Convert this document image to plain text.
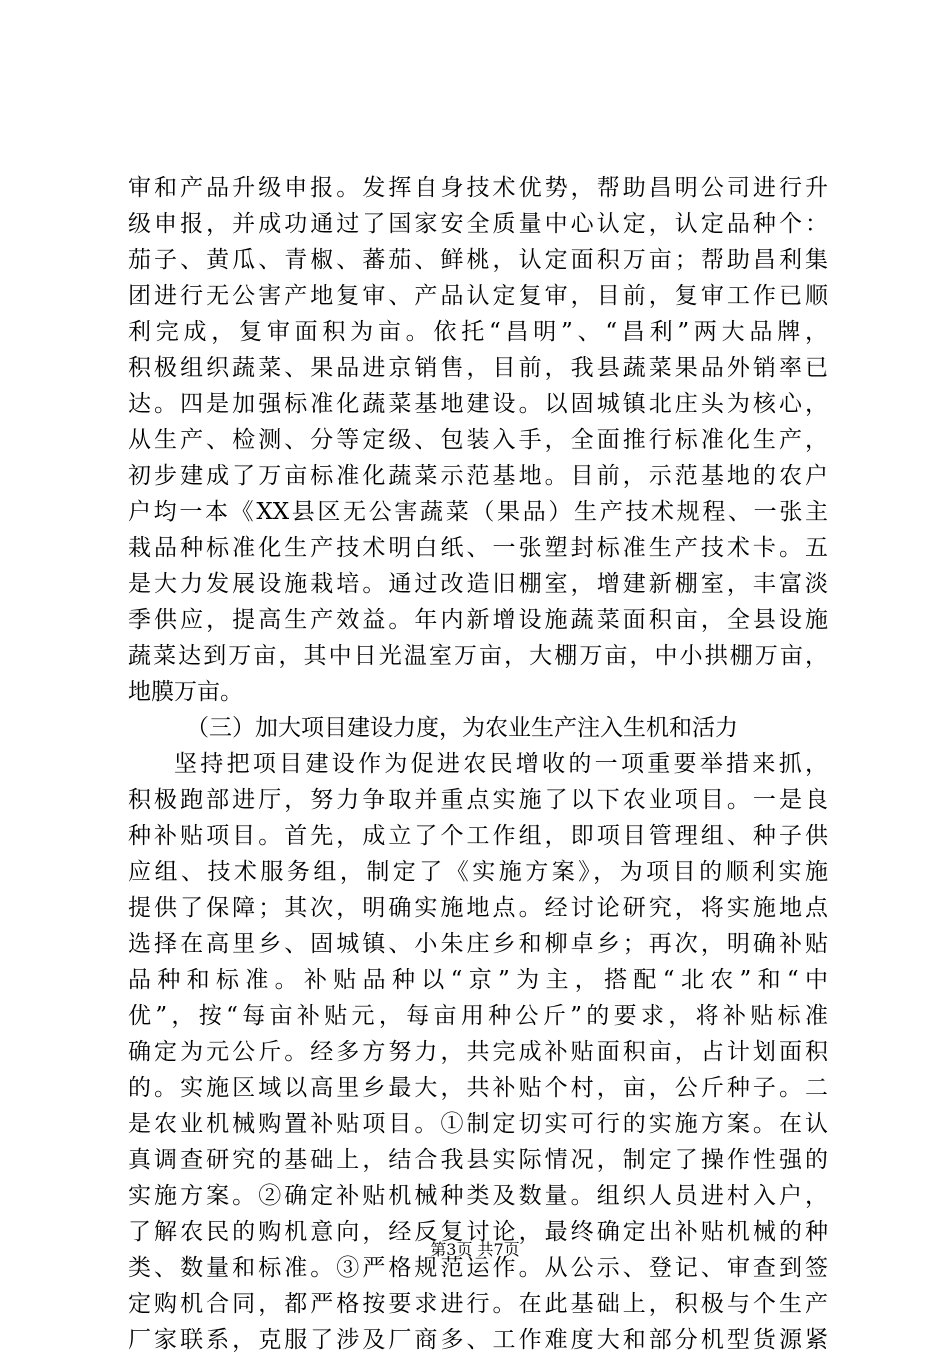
审和产品升级申报。发挥自身技术优势，帮助昌明公司进行升
级申报，并成功通过了国家安全质量中心认定，认定品种个：
茄子、黄瓜、青椒、蕃茄、鲜桃，认定面积万亩；帮助昌利集
团进行无公害产地复审、产品认定复审，目前，复审工作已顺
利完成，复审面积为亩。依托“昌明”、“昌利”两大品牌，
积极组织蔬菜、果品进京销售，目前，我县蔬菜果品外销率已
达。四是加强标准化蔬菜基地建设。以固城镇北庄头为核心，
从生产、检测、分等定级、包装入手，全面推行标准化生产，
初步建成了万亩标准化蔬菜示范基地。目前，示范基地的农户
户均一本《XX县区无公害蔬菜（果品）生产技术规程、一张主
栽品种标准化生产技术明白纸、一张塑封标准生产技术卡。五
是大力发展设施栽培。通过改造旧棚室，增建新棚室，丰富淡
季供应，提高生产效益。年内新增设施蔬菜面积亩，全县设施
蔬菜达到万亩，其中日光温室万亩，大棚万亩，中小拱棚万亩，
地膜万亩。
（三）加大项目建设力度，为农业生产注入生机和活力
坚持把项目建设作为促进农民增收的一项重要举措来抓，
积极跑部进厅，努力争取并重点实施了以下农业项目。一是良
种补贴项目。首先，成立了个工作组，即项目管理组、种子供
应组、技术服务组，制定了《实施方案》，为项目的顺利实施
提供了保障；其次，明确实施地点。经讨论研究，将实施地点
选择在高里乡、固城镇、小朱庄乡和柳卓乡；再次，明确补贴
品种和标准。补贴品种以“京”为主，搭配“北农”和“中
优”，按“每亩补贴元，每亩用种公斤”的要求，将补贴标准
确定为元公斤。经多方努力，共完成补贴面积亩，占计划面积
的。实施区域以高里乡最大，共补贴个村，亩，公斤种子。二
是农业机械购置补贴项目。①制定切实可行的实施方案。在认
真调查研究的基础上，结合我县实际情况，制定了操作性强的
实施方案。②确定补贴机械种类及数量。组织人员进村入户，
了解农民的购机意向，经反复讨论，最终确定出补贴机械的种
类、数量和标准。③严格规范运作。从公示、登记、审查到签
定购机合同，都严格按要求进行。在此基础上，积极与个生产
厂家联系，克服了涉及厂商多、工作难度大和部分机型货源紧
第3页 共7页
